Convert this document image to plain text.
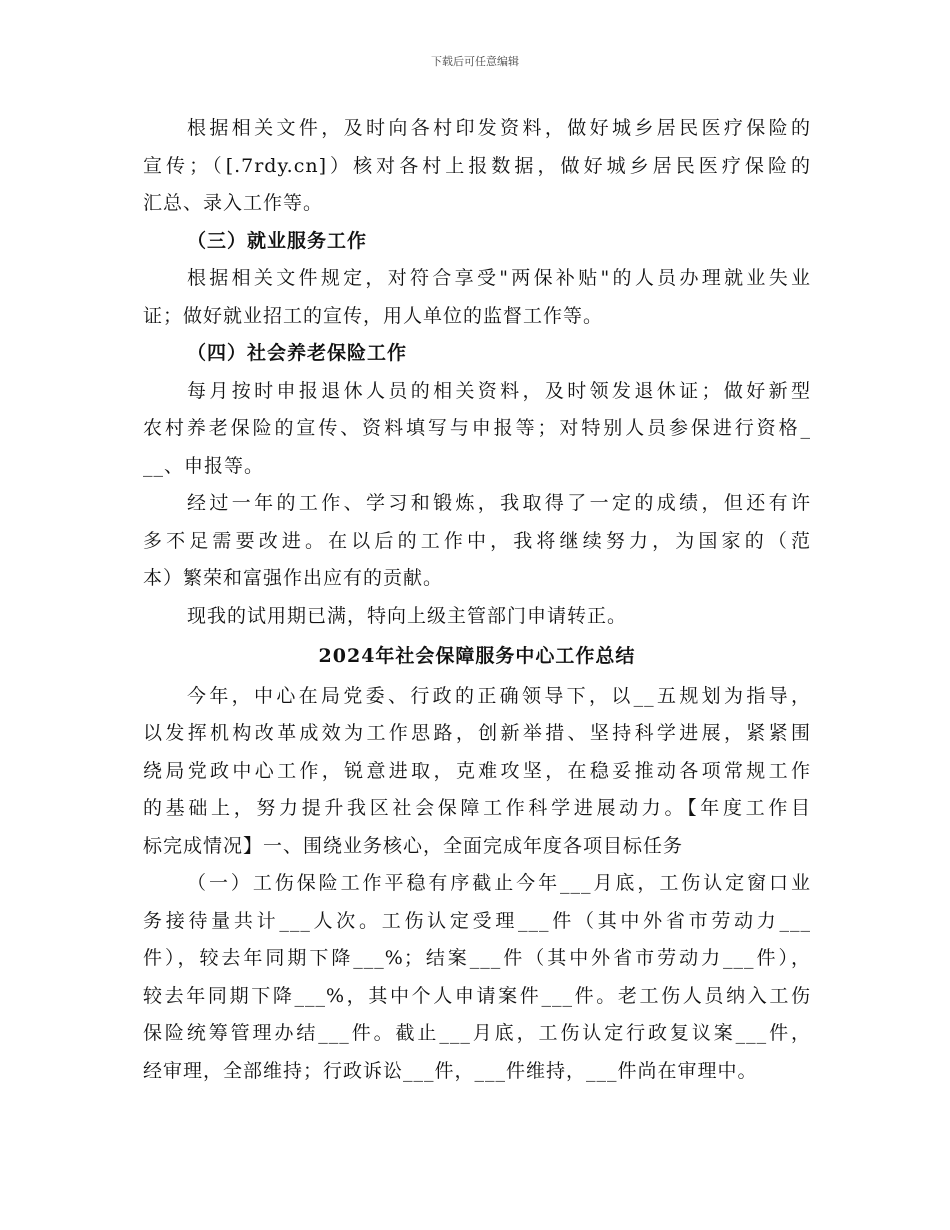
下载后可任意编辑
根据相关文件，及时向各村印发资料，做好城乡居民医疗保险的
宣传；（[.7rdy.cn]）核对各村上报数据，做好城乡居民医疗保险的
汇总、录入工作等。
（三）就业服务工作
根据相关文件规定，对符合享受"两保补贴"的人员办理就业失业
证；做好就业招工的宣传，用人单位的监督工作等。
（四）社会养老保险工作
每月按时申报退休人员的相关资料，及时领发退休证；做好新型
农村养老保险的宣传、资料填写与申报等；对特别人员参保进行资格_
__、申报等。
经过一年的工作、学习和锻炼，我取得了一定的成绩，但还有许
多不足需要改进。在以后的工作中，我将继续努力，为国家的（范
本）繁荣和富强作出应有的贡献。
现我的试用期已满，特向上级主管部门申请转正。
2024年社会保障服务中心工作总结
今年，中心在局党委、行政的正确领导下，以__五规划为指导，
以发挥机构改革成效为工作思路，创新举措、坚持科学进展，紧紧围
绕局党政中心工作，锐意进取，克难攻坚，在稳妥推动各项常规工作
的基础上，努力提升我区社会保障工作科学进展动力。【年度工作目
标完成情况】一、围绕业务核心，全面完成年度各项目标任务
（一）工伤保险工作平稳有序截止今年___月底，工伤认定窗口业
务接待量共计___人次。工伤认定受理___件（其中外省市劳动力___
件），较去年同期下降___%；结案___件（其中外省市劳动力___件），
较去年同期下降___%，其中个人申请案件___件。老工伤人员纳入工伤
保险统筹管理办结___件。截止___月底，工伤认定行政复议案___件，
经审理，全部维持；行政诉讼___件，___件维持，___件尚在审理中。
